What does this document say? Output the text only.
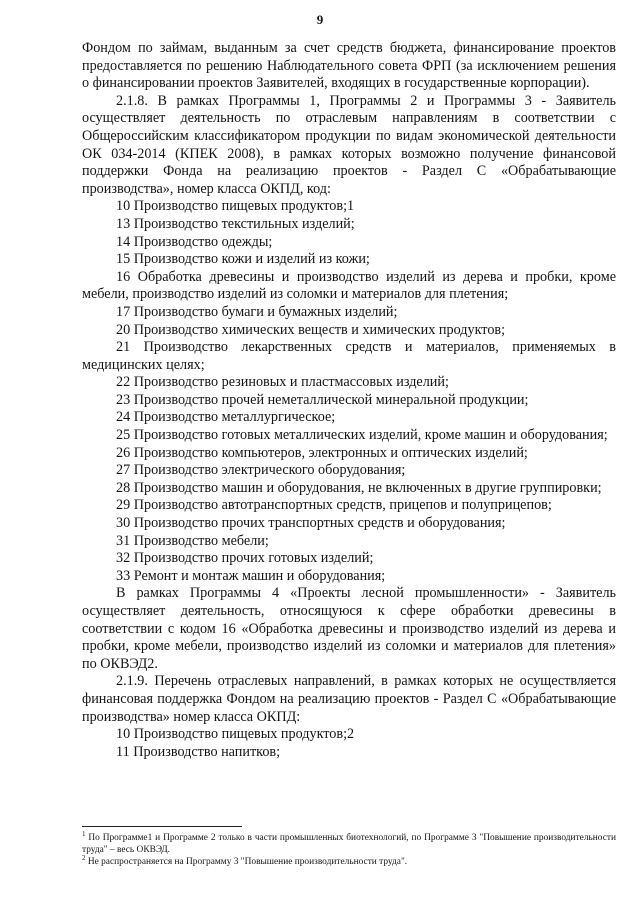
9

Фондом по займам, выданным за счет средств бюджета, финансирование проектов предоставляется по решению Наблюдательного совета ФРП (за исключением решения о финансировании проектов Заявителей, входящих в государственные корпорации).

2.1.8. В рамках Программы 1, Программы 2 и Программы 3 - Заявитель осуществляет деятельность по отраслевым направлениям в соответствии с Общероссийским классификатором продукции по видам экономической деятельности ОК 034-2014 (КПЕК 2008), в рамках которых возможно получение финансовой поддержки Фонда на реализацию проектов - Раздел С «Обрабатывающие производства», номер класса ОКПД, код:

10 Производство пищевых продуктов;1

13 Производство текстильных изделий;

14 Производство одежды;

15 Производство кожи и изделий из кожи;

16 Обработка древесины и производство изделий из дерева и пробки, кроме мебели, производство изделий из соломки и материалов для плетения;

17 Производство бумаги и бумажных изделий;

20 Производство химических веществ и химических продуктов;

21 Производство лекарственных средств и материалов, применяемых в медицинских целях;

22 Производство резиновых и пластмассовых изделий;

23 Производство прочей неметаллической минеральной продукции;

24 Производство металлургическое;

25 Производство готовых металлических изделий, кроме машин и оборудования;

26 Производство компьютеров, электронных и оптических изделий;

27 Производство электрического оборудования;

28 Производство машин и оборудования, не включенных в другие группировки;

29 Производство автотранспортных средств, прицепов и полуприцепов;

30 Производство прочих транспортных средств и оборудования;

31 Производство мебели;

32 Производство прочих готовых изделий;

33 Ремонт и монтаж машин и оборудования;

В рамках Программы 4 «Проекты лесной промышленности» - Заявитель осуществляет деятельность, относящуюся к сфере обработки древесины в соответствии с кодом 16 «Обработка древесины и производство изделий из дерева и пробки, кроме мебели, производство изделий из соломки и материалов для плетения» по ОКВЭД2.

2.1.9. Перечень отраслевых направлений, в рамках которых не осуществляется финансовая поддержка Фондом на реализацию проектов - Раздел С «Обрабатывающие производства» номер класса ОКПД:

10 Производство пищевых продуктов;2

11 Производство напитков;

$^1$ По Программе1 и Программе 2 только в части промышленных биотехнологий, по Программе 3 "Повышение производительности труда" – весь ОКВЭД.

$^2$ Не распространяется на Программу 3 "Повышение производительности труда".
